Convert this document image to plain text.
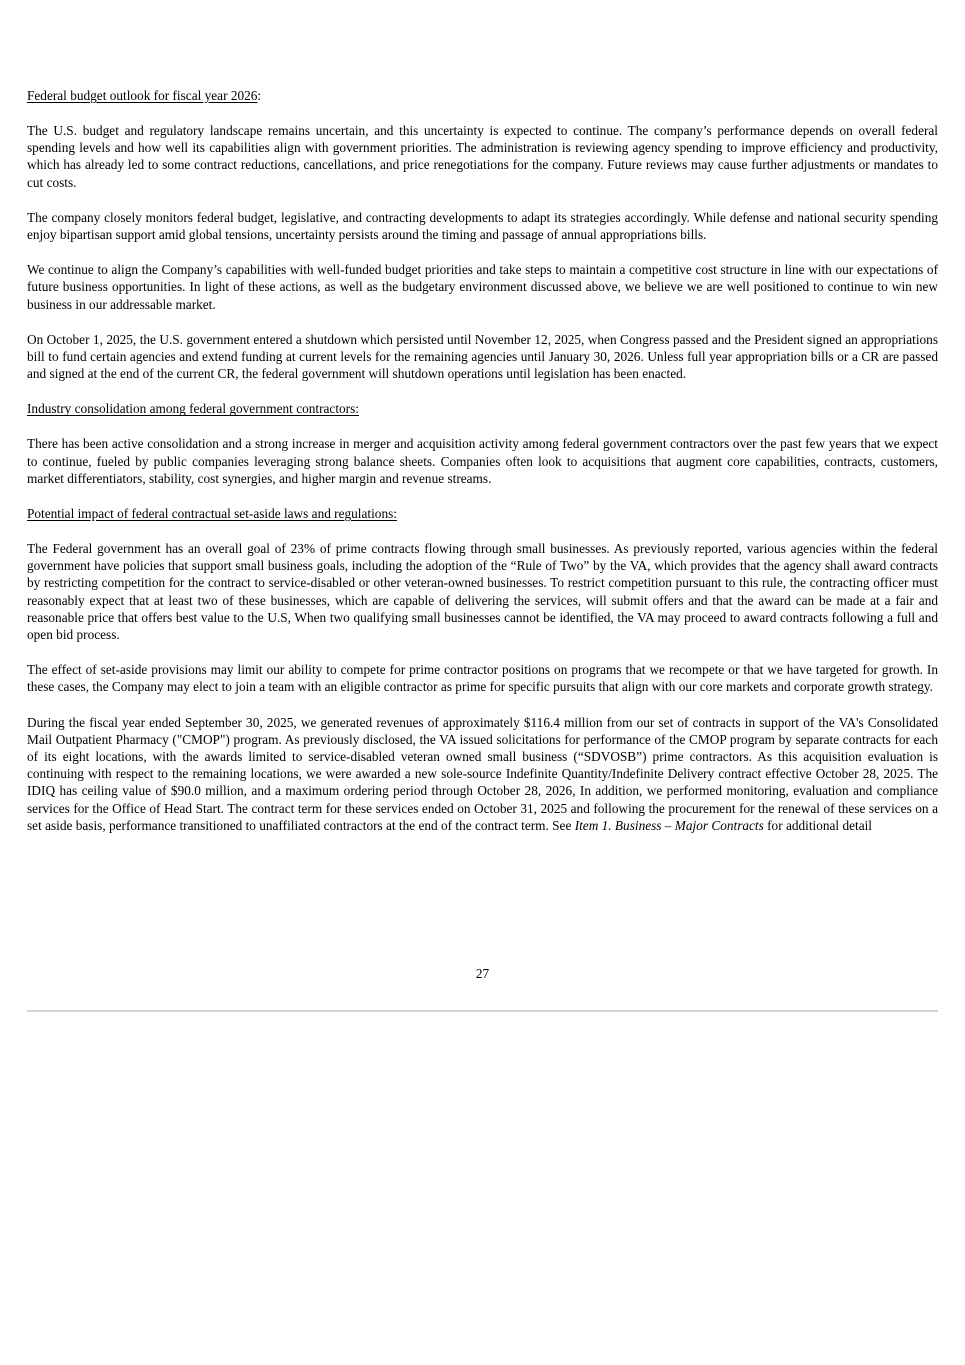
Federal budget outlook for fiscal year 2026:

The U.S. budget and regulatory landscape remains uncertain, and this uncertainty is expected to continue. The company’s performance depends on overall federal spending levels and how well its capabilities align with government priorities. The administration is reviewing agency spending to improve efficiency and productivity, which has already led to some contract reductions, cancellations, and price renegotiations for the company. Future reviews may cause further adjustments or mandates to cut costs.

The company closely monitors federal budget, legislative, and contracting developments to adapt its strategies accordingly. While defense and national security spending enjoy bipartisan support amid global tensions, uncertainty persists around the timing and passage of annual appropriations bills.

We continue to align the Company’s capabilities with well-funded budget priorities and take steps to maintain a competitive cost structure in line with our expectations of future business opportunities. In light of these actions, as well as the budgetary environment discussed above, we believe we are well positioned to continue to win new business in our addressable market.

On October 1, 2025, the U.S. government entered a shutdown which persisted until November 12, 2025, when Congress passed and the President signed an appropriations bill to fund certain agencies and extend funding at current levels for the remaining agencies until January 30, 2026. Unless full year appropriation bills or a CR are passed and signed at the end of the current CR, the federal government will shutdown operations until legislation has been enacted.

Industry consolidation among federal government contractors:

There has been active consolidation and a strong increase in merger and acquisition activity among federal government contractors over the past few years that we expect to continue, fueled by public companies leveraging strong balance sheets. Companies often look to acquisitions that augment core capabilities, contracts, customers, market differentiators, stability, cost synergies, and higher margin and revenue streams.

Potential impact of federal contractual set-aside laws and regulations:

The Federal government has an overall goal of 23% of prime contracts flowing through small businesses. As previously reported, various agencies within the federal government have policies that support small business goals, including the adoption of the “Rule of Two” by the VA, which provides that the agency shall award contracts by restricting competition for the contract to service-disabled or other veteran-owned businesses. To restrict competition pursuant to this rule, the contracting officer must reasonably expect that at least two of these businesses, which are capable of delivering the services, will submit offers and that the award can be made at a fair and reasonable price that offers best value to the U.S, When two qualifying small businesses cannot be identified, the VA may proceed to award contracts following a full and open bid process.

The effect of set-aside provisions may limit our ability to compete for prime contractor positions on programs that we recompete or that we have targeted for growth. In these cases, the Company may elect to join a team with an eligible contractor as prime for specific pursuits that align with our core markets and corporate growth strategy.

During the fiscal year ended September 30, 2025, we generated revenues of approximately $116.4 million from our set of contracts in support of the VA's Consolidated Mail Outpatient Pharmacy ("CMOP") program. As previously disclosed, the VA issued solicitations for performance of the CMOP program by separate contracts for each of its eight locations, with the awards limited to service-disabled veteran owned small business (“SDVOSB”) prime contractors. As this acquisition evaluation is continuing with respect to the remaining locations, we were awarded a new sole-source Indefinite Quantity/Indefinite Delivery contract effective October 28, 2025. The IDIQ has ceiling value of $90.0 million, and a maximum ordering period through October 28, 2026, In addition, we performed monitoring, evaluation and compliance services for the Office of Head Start. The contract term for these services ended on October 31, 2025 and following the procurement for the renewal of these services on a set aside basis, performance transitioned to unaffiliated contractors at the end of the contract term. See Item 1. Business – Major Contracts for additional detail

27
